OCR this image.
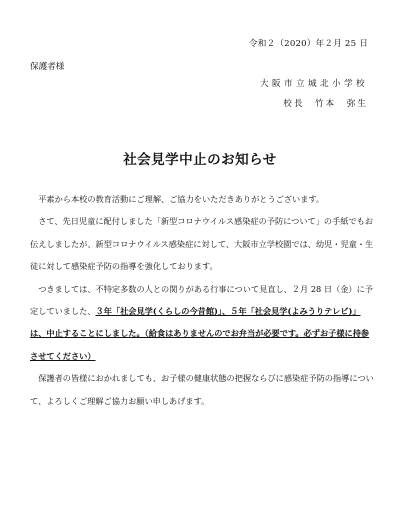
令和２（2020）年２月 25 日
保護者様
大阪市立城北小学校
校長　竹本　弥生
社会見学中止のお知らせ

平素から本校の教育活動にご理解、ご協力をいただきありがとうございます。

さて、先日児童に配付しました「新型コロナウイルス感染症の予防について」の手紙でもお伝えしましたが、新型コロナウイルス感染症に対して、大阪市立学校園では、幼児・児童・生徒に対して感染症予防の指導を強化しております。

つきましては、不特定多数の人との関りがある行事について見直し、２月 28 日（金）に予定していました、３年「社会見学(くらしの今昔館)」、５年「社会見学(よみうりテレビ)」は、中止することにしました。（給食はありませんのでお弁当が必要です。必ずお子様に持参させてください）

保護者の皆様におかれましても、お子様の健康状態の把握ならびに感染症予防の指導について、よろしくご理解ご協力お願い申しあげます。
